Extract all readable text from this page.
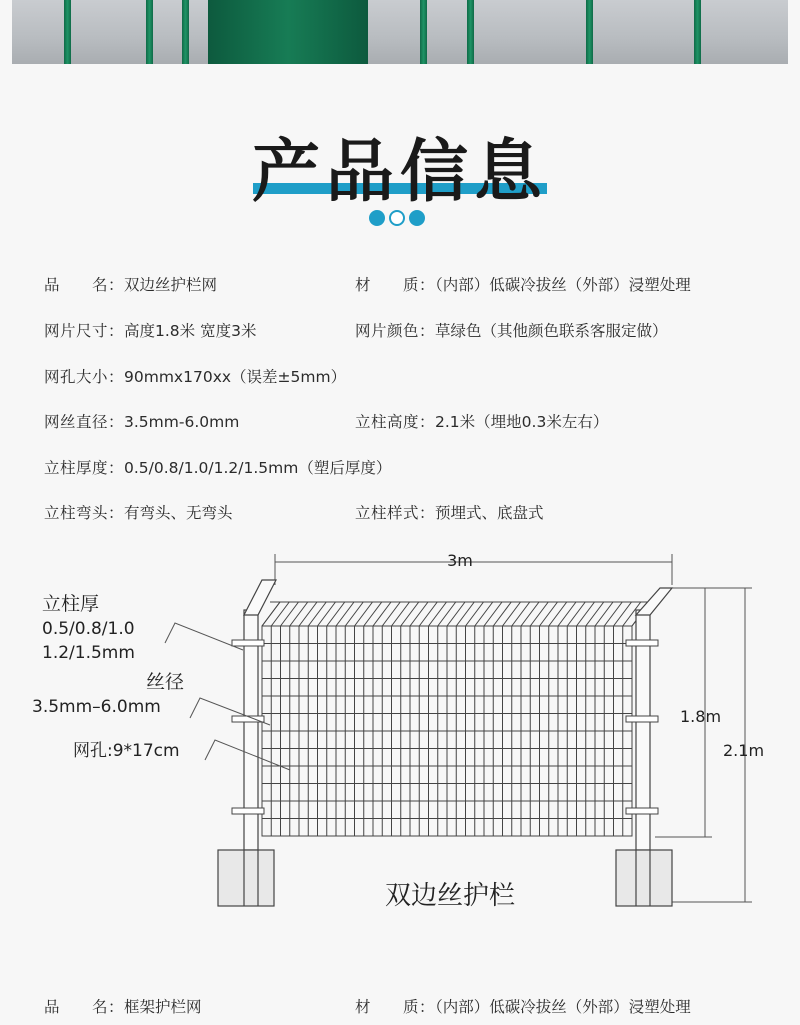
产品信息
品　　名：双边丝护栏网	材　　质：（内部）低碳冷拔丝（外部）浸塑处理
网片尺寸：高度1.8米 宽度3米	网片颜色：草绿色（其他颜色联系客服定做）
网孔大小：90mmx170xx（误差±5mm）
网丝直径：3.5mm-6.0mm	立柱高度：2.1米（埋地0.3米左右）
立柱厚度：0.5/0.8/1.0/1.2/1.5mm（塑后厚度）
立柱弯头：有弯头、无弯头	立柱样式：预埋式、底盘式
3m
1.8m
2.1m
立柱厚
0.5/0.8/1.0
1.2/1.5mm
丝径
3.5mm–6.0mm
网孔:9*17cm
双边丝护栏
品　　名：框架护栏网	材　　质：（内部）低碳冷拔丝（外部）浸塑处理
